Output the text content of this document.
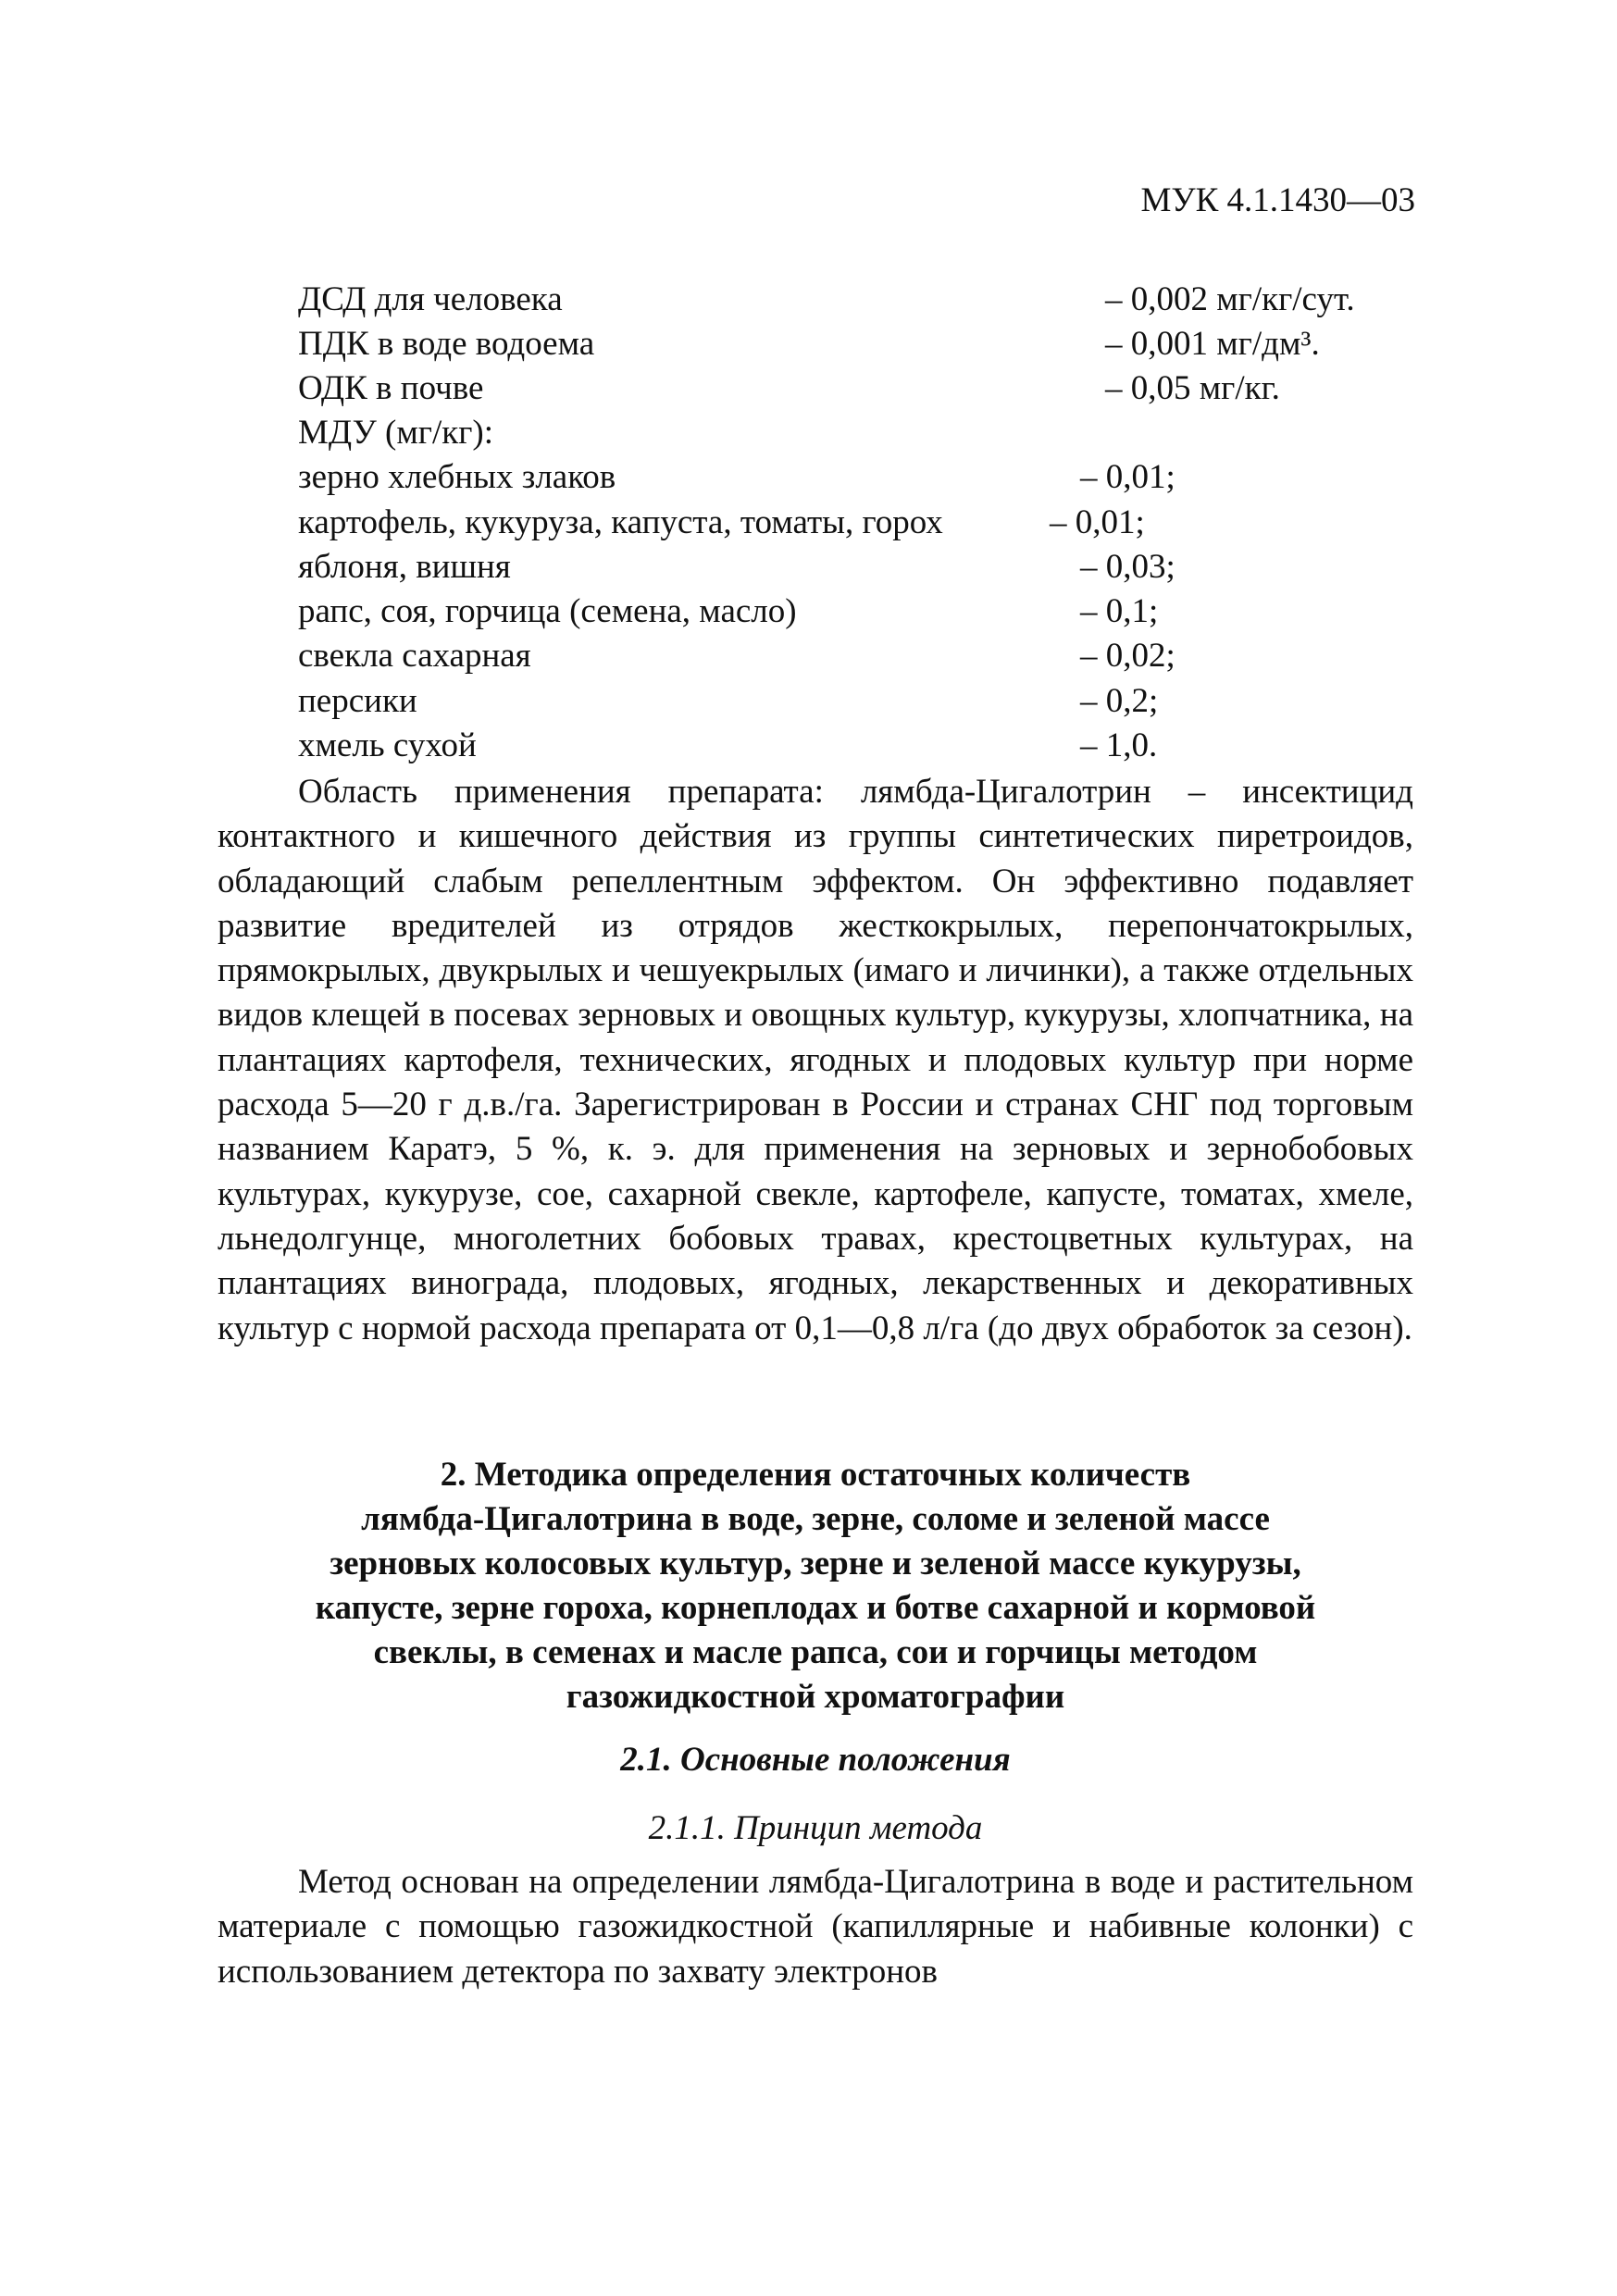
МУК 4.1.1430—03
ДСД для человека	– 0,002 мг/кг/сут.
ПДК в воде водоема	– 0,001 мг/дм³.
ОДК в почве	– 0,05 мг/кг.
МДУ (мг/кг):
зерно хлебных злаков	– 0,01;
картофель, кукуруза, капуста, томаты, горох	– 0,01;
яблоня, вишня	– 0,03;
рапс, соя, горчица (семена, масло)	– 0,1;
свекла сахарная	– 0,02;
персики	– 0,2;
хмель сухой	– 1,0.

Область применения препарата: лямбда-Цигалотрин – инсектицид контактного и кишечного действия из группы синтетических пиретроидов, обладающий слабым репеллентным эффектом. Он эффективно подавляет развитие вредителей из отрядов жесткокрылых, перепончатокрылых, прямокрылых, двукрылых и чешуекрылых (имаго и личинки), а также отдельных видов клещей в посевах зерновых и овощных культур, кукурузы, хлопчатника, на плантациях картофеля, технических, ягодных и плодовых культур при норме расхода 5—20 г д.в./га. Зарегистрирован в России и странах СНГ под торговым названием Каратэ, 5 %, к. э. для применения на зерновых и зернобобовых культурах, кукурузе, сое, сахарной свекле, картофеле, капусте, томатах, хмеле, льнедолгунце, многолетних бобовых травах, крестоцветных культурах, на плантациях винограда, плодовых, ягодных, лекарственных и декоративных культур с нормой расхода препарата от 0,1—0,8 л/га (до двух обработок за сезон).

2. Методика определения остаточных количеств
лямбда-Цигалотрина в воде, зерне, соломе и зеленой массе
зерновых колосовых культур, зерне и зеленой массе кукурузы,
капусте, зерне гороха, корнеплодах и ботве сахарной и кормовой
свеклы, в семенах и масле рапса, сои и горчицы методом
газожидкостной хроматографии
2.1. Основные положения
2.1.1. Принцип метода

Метод основан на определении лямбда-Цигалотрина в воде и растительном материале с помощью газожидкостной (капиллярные и набивные колонки) с использованием детектора по захвату электронов
